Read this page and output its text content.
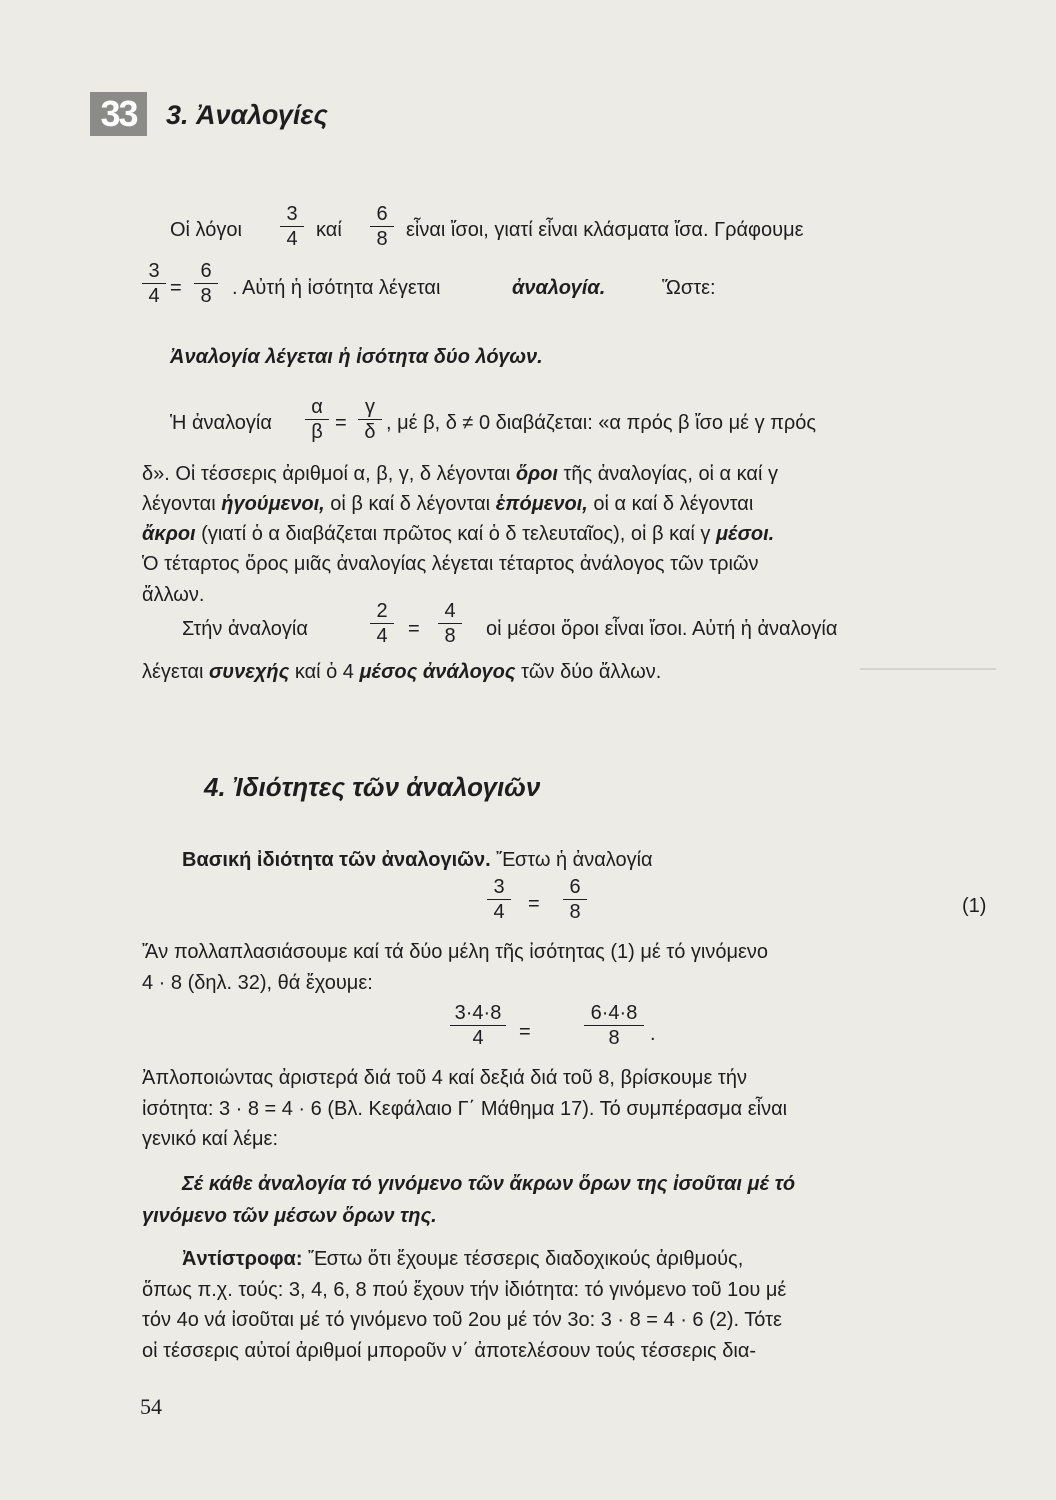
33	3. Ἀναλογίες
Οἱ λόγοι
3
4 καί
6
8 εἶναι ἴσοι, γιατί εἶναι κλάσματα ἴσα. Γράφουμε
3
4 =
6
8	. Αὐτή ἡ ἰσότητα λέγεται	ἀναλογία.	Ὥστε:
Ἀναλογία λέγεται ἡ ἰσότητα δύο λόγων.
Ἡ ἀναλογία
α
β =
γ
δ , μέ β, δ ≠ 0 διαβάζεται: «α πρός β ἴσο μέ γ πρός
δ». Οἱ τέσσερις ἀριθμοί α, β, γ, δ λέγονται ὅροι τῆς ἀναλογίας, οἱ α καί γ
λέγονται ἡγούμενοι, οἱ β καί δ λέγονται ἑπόμενοι, οἱ α καί δ λέγονται
ἄκροι (γιατί ὁ α διαβάζεται πρῶτος καί ὁ δ τελευταῖος), οἱ β καί γ μέσοι.
Ὁ τέταρτος ὅρος μιᾶς ἀναλογίας λέγεται τέταρτος ἀνάλογος τῶν τριῶν
ἄλλων.
Στήν ἀναλογία
2
4	=
4
8	οἱ μέσοι ὅροι εἶναι ἴσοι. Αὐτή ἡ ἀναλογία
λέγεται συνεχής καί ὁ 4 μέσος ἀνάλογος τῶν δύο ἄλλων.
4. Ἰδιότητες τῶν ἀναλογιῶν
Βασική ἰδιότητα τῶν ἀναλογιῶν. Ἔστω ἡ ἀναλογία
3
4	=
6
8	(1)
Ἄν πολλαπλασιάσουμε καί τά δύο μέλη τῆς ἰσότητας (1) μέ τό γινόμενο
4 · 8 (δηλ. 32), θά ἔχουμε:
3·4·8
4	=
6·4·8
8	.
Ἀπλοποιώντας ἀριστερά διά τοῦ 4 καί δεξιά διά τοῦ 8, βρίσκουμε τήν
ἰσότητα: 3 · 8 = 4 · 6 (Βλ. Κεφάλαιο Γ΄ Μάθημα 17). Τό συμπέρασμα εἶναι
γενικό καί λέμε:
Σέ κάθε ἀναλογία τό γινόμενο τῶν ἄκρων ὅρων της ἰσοῦται μέ τό
γινόμενο τῶν μέσων ὅρων της.
Ἀντίστροφα: Ἔστω ὅτι ἔχουμε τέσσερις διαδοχικούς ἀριθμούς,
ὅπως π.χ. τούς: 3, 4, 6, 8 πού ἔχουν τήν ἰδιότητα: τό γινόμενο τοῦ 1ου μέ
τόν 4ο νά ἰσοῦται μέ τό γινόμενο τοῦ 2ου μέ τόν 3ο: 3 · 8 = 4 · 6 (2). Τότε
οἱ τέσσερις αὐτοί ἀριθμοί μποροῦν ν΄ ἀποτελέσουν τούς τέσσερις δια-
54
